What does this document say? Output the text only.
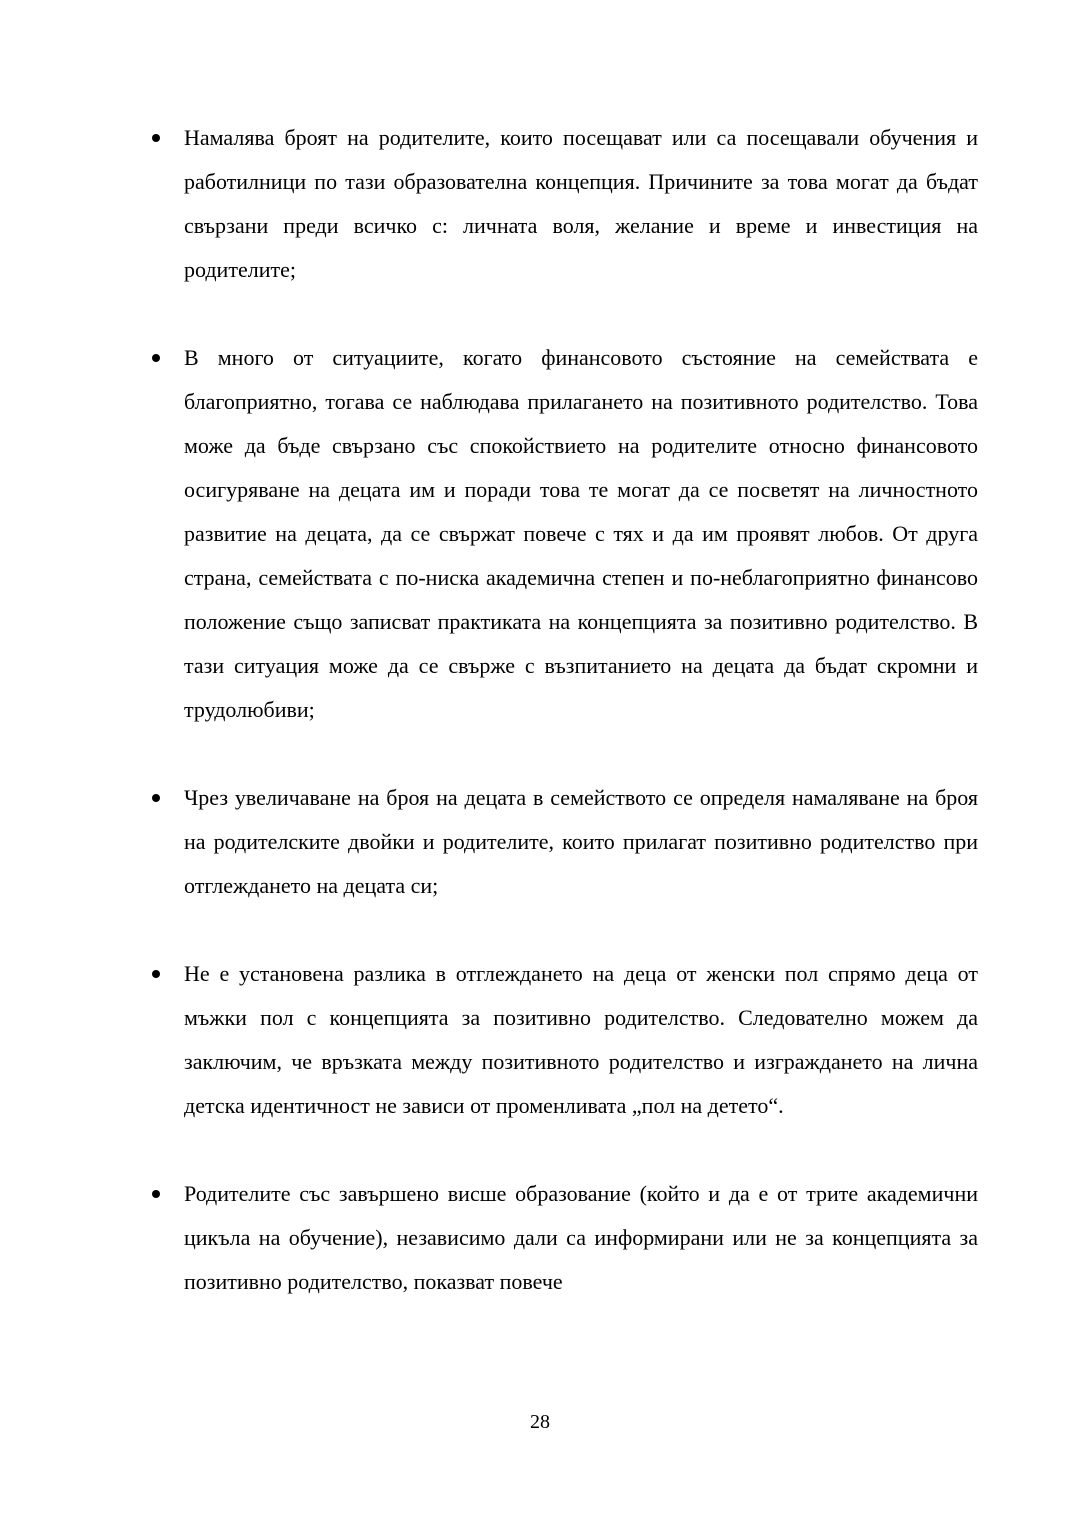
Намалява броят на родителите, които посещават или са посещавали обучения и работилници по тази образователна концепция. Причините за това могат да бъдат свързани преди всичко с: личната воля, желание и време и инвестиция на родителите;
В много от ситуациите, когато финансовото състояние на семействата е благоприятно, тогава се наблюдава прилагането на позитивното родителство. Това може да бъде свързано със спокойствието на родителите относно финансовото осигуряване на децата им и поради това те могат да се посветят на личностното развитие на децата, да се свържат повече с тях и да им проявят любов. От друга страна, семействата с по-ниска академична степен и по-неблагоприятно финансово положение също записват практиката на концепцията за позитивно родителство. В тази ситуация може да се свърже с възпитанието на децата да бъдат скромни и трудолюбиви;
Чрез увеличаване на броя на децата в семейството се определя намаляване на броя на родителските двойки и родителите, които прилагат позитивно родителство при отглеждането на децата си;
Не е установена разлика в отглеждането на деца от женски пол спрямо деца от мъжки пол с концепцията за позитивно родителство. Следователно можем да заключим, че връзката между позитивното родителство и изграждането на лична детска идентичност не зависи от променливата „пол на детето“.
Родителите със завършено висше образование (който и да е от трите академични цикъла на обучение), независимо дали са информирани или не за концепцията за позитивно родителство, показват повече
28
